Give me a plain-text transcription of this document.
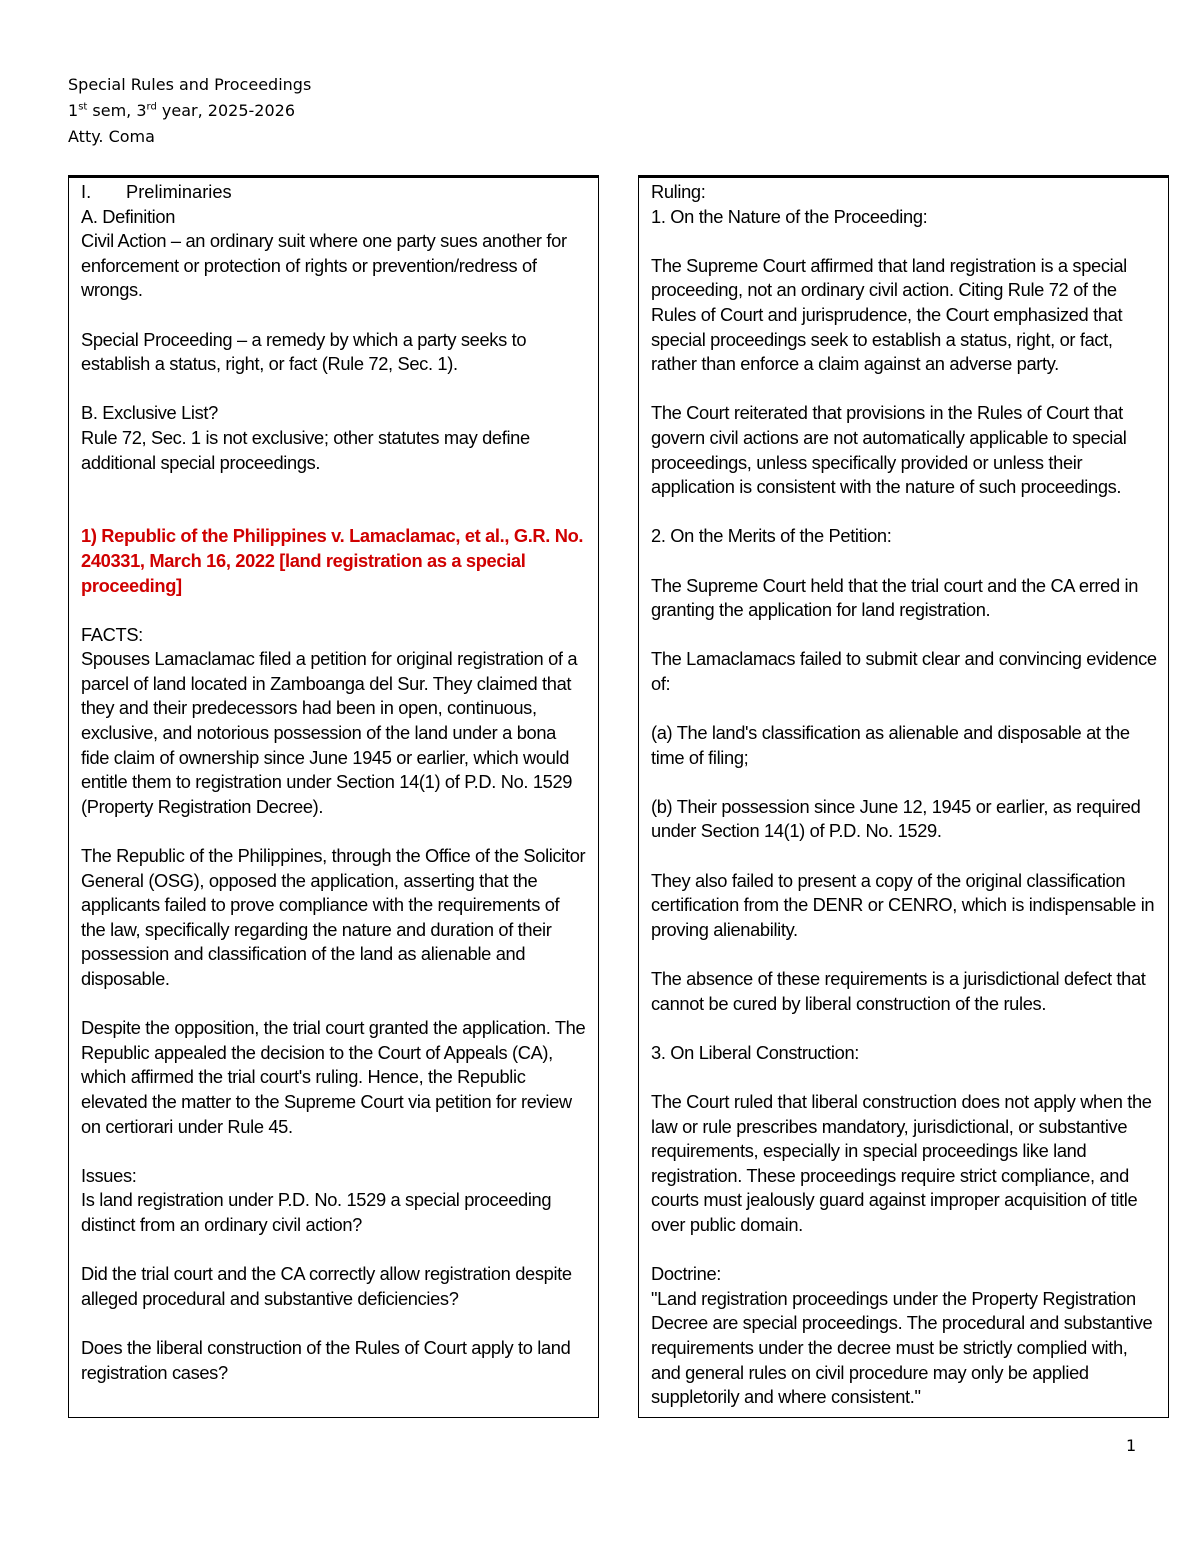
Special Rules and Proceedings
1st sem, 3rd year, 2025-2026
Atty. Coma
I.	Preliminaries

A. Definition

Civil Action – an ordinary suit where one party sues another for enforcement or protection of rights or prevention/redress of wrongs.

Special Proceeding – a remedy by which a party seeks to establish a status, right, or fact (Rule 72, Sec. 1).

B. Exclusive List?

Rule 72, Sec. 1 is not exclusive; other statutes may define additional special proceedings.

1) Republic of the Philippines v. Lamaclamac, et al., G.R. No. 240331, March 16, 2022 [land registration as a special proceeding]

FACTS:

Spouses Lamaclamac filed a petition for original registration of a parcel of land located in Zamboanga del Sur. They claimed that they and their predecessors had been in open, continuous, exclusive, and notorious possession of the land under a bona fide claim of ownership since June 1945 or earlier, which would entitle them to registration under Section 14(1) of P.D. No. 1529 (Property Registration Decree).

The Republic of the Philippines, through the Office of the Solicitor General (OSG), opposed the application, asserting that the applicants failed to prove compliance with the requirements of the law, specifically regarding the nature and duration of their possession and classification of the land as alienable and disposable.

Despite the opposition, the trial court granted the application. The Republic appealed the decision to the Court of Appeals (CA), which affirmed the trial court's ruling. Hence, the Republic elevated the matter to the Supreme Court via petition for review on certiorari under Rule 45.

Issues:

Is land registration under P.D. No. 1529 a special proceeding distinct from an ordinary civil action?

Did the trial court and the CA correctly allow registration despite alleged procedural and substantive deficiencies?

Does the liberal construction of the Rules of Court apply to land registration cases?

Ruling:

1. On the Nature of the Proceeding:

The Supreme Court affirmed that land registration is a special proceeding, not an ordinary civil action. Citing Rule 72 of the Rules of Court and jurisprudence, the Court emphasized that special proceedings seek to establish a status, right, or fact, rather than enforce a claim against an adverse party.

The Court reiterated that provisions in the Rules of Court that govern civil actions are not automatically applicable to special proceedings, unless specifically provided or unless their application is consistent with the nature of such proceedings.

2. On the Merits of the Petition:

The Supreme Court held that the trial court and the CA erred in granting the application for land registration.

The Lamaclamacs failed to submit clear and convincing evidence of:

(a) The land's classification as alienable and disposable at the time of filing;

(b) Their possession since June 12, 1945 or earlier, as required under Section 14(1) of P.D. No. 1529.

They also failed to present a copy of the original classification certification from the DENR or CENRO, which is indispensable in proving alienability.

The absence of these requirements is a jurisdictional defect that cannot be cured by liberal construction of the rules.

3. On Liberal Construction:

The Court ruled that liberal construction does not apply when the law or rule prescribes mandatory, jurisdictional, or substantive requirements, especially in special proceedings like land registration. These proceedings require strict compliance, and courts must jealously guard against improper acquisition of title over public domain.

Doctrine:

"Land registration proceedings under the Property Registration Decree are special proceedings. The procedural and substantive requirements under the decree must be strictly complied with, and general rules on civil procedure may only be applied suppletorily and where consistent."

1
